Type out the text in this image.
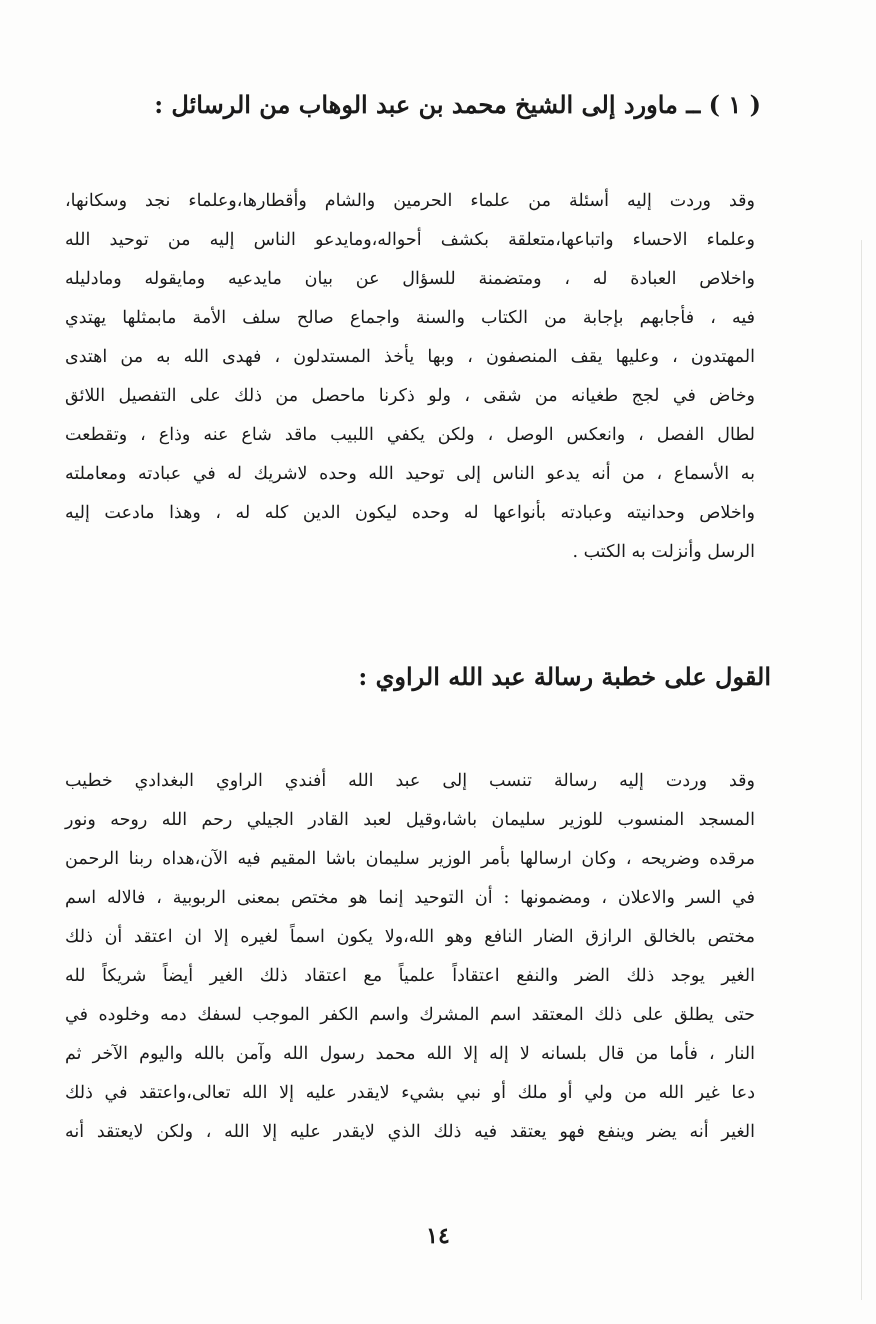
( ١ ) ــ ماورد إلى الشيخ محمد بن عبد الوهاب من الرسائل :
وقد وردت إليه أسئلة من علماء الحرمين والشام وأقطارها،وعلماء نجد وسكانها،
وعلماء الاحساء واتباعها،متعلقة بكشف أحواله،ومايدعو الناس إليه من توحيد الله
واخلاص العبادة له ، ومتضمنة للسؤال عن بيان مايدعيه ومايقوله ومادليله
فيه ، فأجابهم بإجابة من الكتاب والسنة واجماع صالح سلف الأمة مابمثلها يهتدي
المهتدون ، وعليها يقف المنصفون ، وبها يأخذ المستدلون ، فهدى الله به من اهتدى
وخاض في لجج طغيانه من شقى ، ولو ذكرنا ماحصل من ذلك على التفصيل اللائق
لطال الفصل ، وانعكس الوصل ، ولكن يكفي اللبيب ماقد شاع عنه وذاع ، وتقطعت
به الأسماع ، من أنه يدعو الناس إلى توحيد الله وحده لاشريك له في عبادته ومعاملته
واخلاص وحدانيته وعبادته بأنواعها له وحده ليكون الدين كله له ، وهذا مادعت إليه
الرسل وأنزلت به الكتب .
القول على خطبة رسالة عبد الله الراوي :
وقد وردت إليه رسالة تنسب إلى عبد الله أفندي الراوي البغدادي خطيب
المسجد المنسوب للوزير سليمان باشا،وقيل لعبد القادر الجيلي رحم الله روحه ونور
مرقده وضريحه ، وكان ارسالها بأمر الوزير سليمان باشا المقيم فيه الآن،هداه ربنا الرحمن
في السر والاعلان ، ومضمونها : أن التوحيد إنما هو مختص بمعنى الربوبية ، فالاله اسم
مختص بالخالق الرازق الضار النافع وهو الله،ولا يكون اسماً لغيره إلا ان اعتقد أن ذلك
الغير يوجد ذلك الضر والنفع اعتقاداً علمياً مع اعتقاد ذلك الغير أيضاً شريكاً لله
حتى يطلق على ذلك المعتقد اسم المشرك واسم الكفر الموجب لسفك دمه وخلوده في
النار ، فأما من قال بلسانه لا إله إلا الله محمد رسول الله وآمن بالله واليوم الآخر ثم
دعا غير الله من ولي أو ملك أو نبي بشيء لايقدر عليه إلا الله تعالى،واعتقد في ذلك
الغير أنه يضر وينفع فهو يعتقد فيه ذلك الذي لايقدر عليه إلا الله ، ولكن لايعتقد أنه
١٤
